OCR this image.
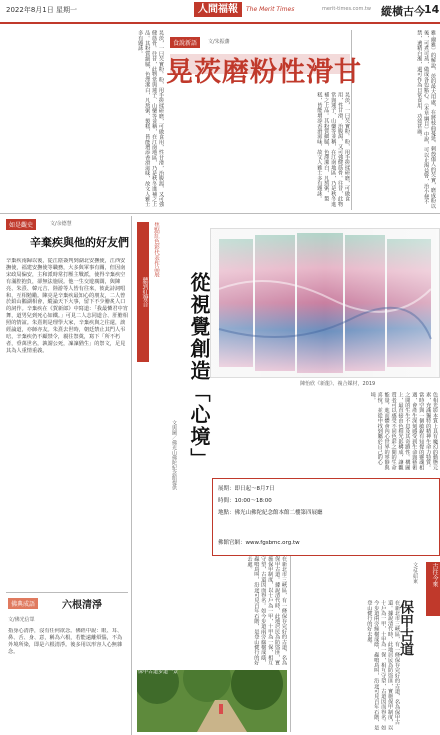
2022年8月1日 星期一	人間福報	The Merit Times	merit-times.com.tw 縱橫古今 14
雅·爾雅》的解說，茨的最大用處，在將枝曲蔓延、刺殼傷人的芡實，磨成粉以後，可煮可蒸，做成各色點心。《本草綱目》中說，可以止渴益腎，治小便不禁，遺精白濁，還可作為日常食用，功效甚廣。
食說新語	文/朱振藩
晃茨磨粉性滑甘
晃茨，一曰芡實粉。粉，用手搓揉研磨，可做食用，性甘滑，治腹瀉，又可強健筋骨。往昔，此物常與蓮子、山藥等並稱，在江南地區，乃是秋冬進補之上品。其粉質細膩，色澤潔白，凡熬粥、製糕，皆能增添香滑滋味，故文人雅士多有題詠。
晃茨，一曰芡實粉。粉，用手搓揉研磨，可做食用，性甘滑，治腹瀉，又可強健筋骨。往昔，此物常與蓮子、山藥等並稱，在江南地區，乃是秋冬進補之上品。其粉質細膩，色澤潔白，凡熬粥、製糕，皆能增添香滑滋味，故文人雅士多有題詠。
如是觀史	文/余德慧
辛棄疾與他的好友們
辛棄疾南歸以後，從江陰簽判到湖北安撫使，江西安撫使，福建安撫使等職務，大多與軍事有關，但因南宋政局偏安，主和派時常打壓主戰派，使得辛棄疾空有滿腔抱負，卻無法施展。他一生交遊廣闊，與陳亮、朱熹、韓元吉、陸游等人皆有往來，彼此詩詞唱和，互相勉勵。陳亮是辛棄疾最知心的朋友，二人曾於鉛山鵝湖相會，縱論天下大事，留下不少膾炙人口的詞作。辛棄疾在《賀新郎》中寫道：「我最憐君中宵舞，道男兒到死心如鐵。」可見二人志同道合、肝膽相照的情誼。朱熹則是理學大家，辛棄疾與之往還，談經論道，亦師亦友。朱熹去世時，朝廷禁止其門人弔唁，辛棄疾仍不顧禁令，親往祭奠，寫下「所不朽者，垂萬世名，孰謂公死，凜凜猶生」的祭文，足見其為人重情重義。
佛典成語	六根清淨
文/佛光信眾
指身心清淨，沒有任何欲念。佛經中說：眼、耳、鼻、舌、身、意，稱為六根，若能遠離煩惱，不為外境所染，即是六根清淨。後多用以形容人心無雜念。
聽到紅聲音
焦點紅色彩代表作品展
從視覺創造「心境」
文與圖／佛光山佛陀紀念館提供
陳怡欣《新龍》、複合媒材，2019
色相光影本質上具有魔幻的動態元素，充滿獨特的精神生命力特質。當時空與一個敏銳有知覺的靈魂相遇，會產生深刻感受到生命與藝術之間的生生不息及其奇蹟性。構圖上，最直接由色相光影構成，讓觀賞者可以感受不同色彩之間的生命能量，進而體會內心世界的寧靜與喜悅，並從中找到屬於自己的心境。
展期：即日起～8月7日
時間：10:00～18:00
地點：佛光山佛陀紀念館本館二樓第四展廳
佛館官網：www.fgsbmc.org.tw
在新北市三峽區，有一條保存完好的古道，名為保甲古道。據說清代時，此地居民為防盜匪，實施保甲制度，以十戶為一甲，十甲為一保，相互守望，古道因而得名。如今步道兩旁綠樹成蔭，蟲鳴鳥叫，沿途可見百年石階，是登山健行的好去處。
保甲古道步道一景	在新北市三峽區，有一條保存完好的古道，名為保甲古道。據說清代時，此地居民為防盜匪，實施保甲制度，以十戶為一甲，十甲為一保，相互守望，古道因而得名。如今步道兩旁綠樹成蔭，蟲鳴鳥叫，沿途可見百年石階，是登山健行的好去處。
古往今來
文/吳紹東
保甲古道
